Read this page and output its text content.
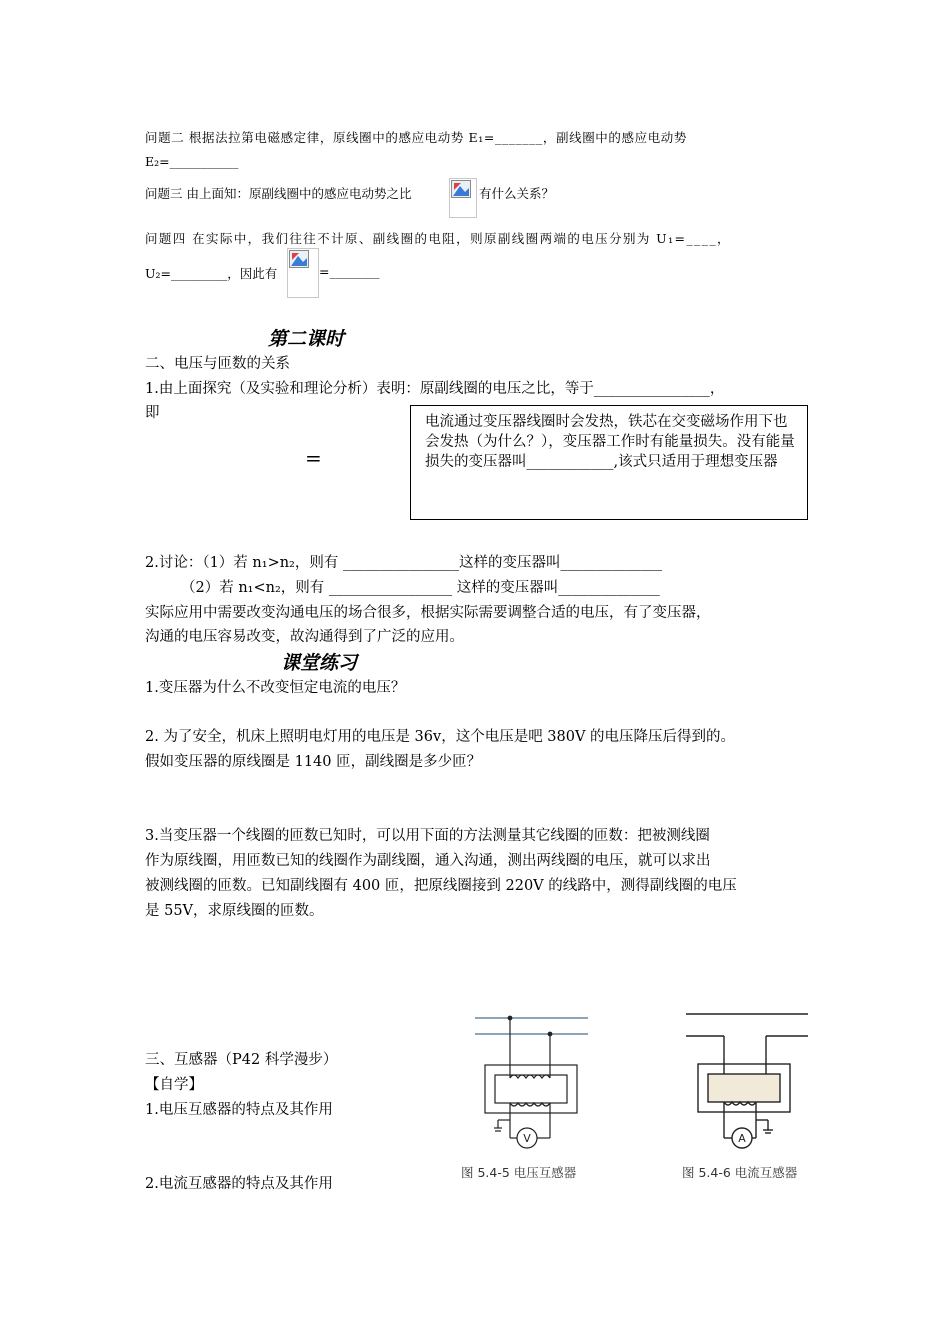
问题二 根据法拉第电磁感定律，原线圈中的感应电动势 E₁=_______，副线圈中的感应电动势
E₂=___________
问题三 由上面知：原副线圈中的感应电动势之比	有什么关系？
问题四 在实际中，我们往往不计原、副线圈的电阻，则原副线圈两端的电压分别为 U₁=____，
U₂=_________，因此有	=________
第二课时
二、电压与匝数的关系
1.由上面探究（及实验和理论分析）表明：原副线圈的电压之比，等于________________，
即
=
电流通过变压器线圈时会发热，铁芯在交变磁场作用下也会发热（为什么？），变压器工作时有能量损失。没有能量损失的变压器叫____________,该式只适用于理想变压器
2.讨论：（1）若 n₁>n₂，则有 ________________这样的变压器叫______________
（2）若 n₁<n₂，则有 _________________ 这样的变压器叫______________
实际应用中需要改变沟通电压的场合很多，根据实际需要调整合适的电压，有了变压器，
沟通的电压容易改变，故沟通得到了广泛的应用。
课堂练习
1.变压器为什么不改变恒定电流的电压？
2. 为了安全，机床上照明电灯用的电压是 36v，这个电压是吧 380V 的电压降压后得到的。
假如变压器的原线圈是 1140 匝，副线圈是多少匝？
3.当变压器一个线圈的匝数已知时，可以用下面的方法测量其它线圈的匝数：把被测线圈
作为原线圈，用匝数已知的线圈作为副线圈，通入沟通，测出两线圈的电压，就可以求出
被测线圈的匝数。已知副线圈有 400 匝，把原线圈接到 220V 的线路中，测得副线圈的电压
是 55V，求原线圈的匝数。
三、互感器（P42 科学漫步）
【自学】
1.电压互感器的特点及其作用
2.电流互感器的特点及其作用
V
图 5.4-5 电压互感器
A
图 5.4-6 电流互感器
